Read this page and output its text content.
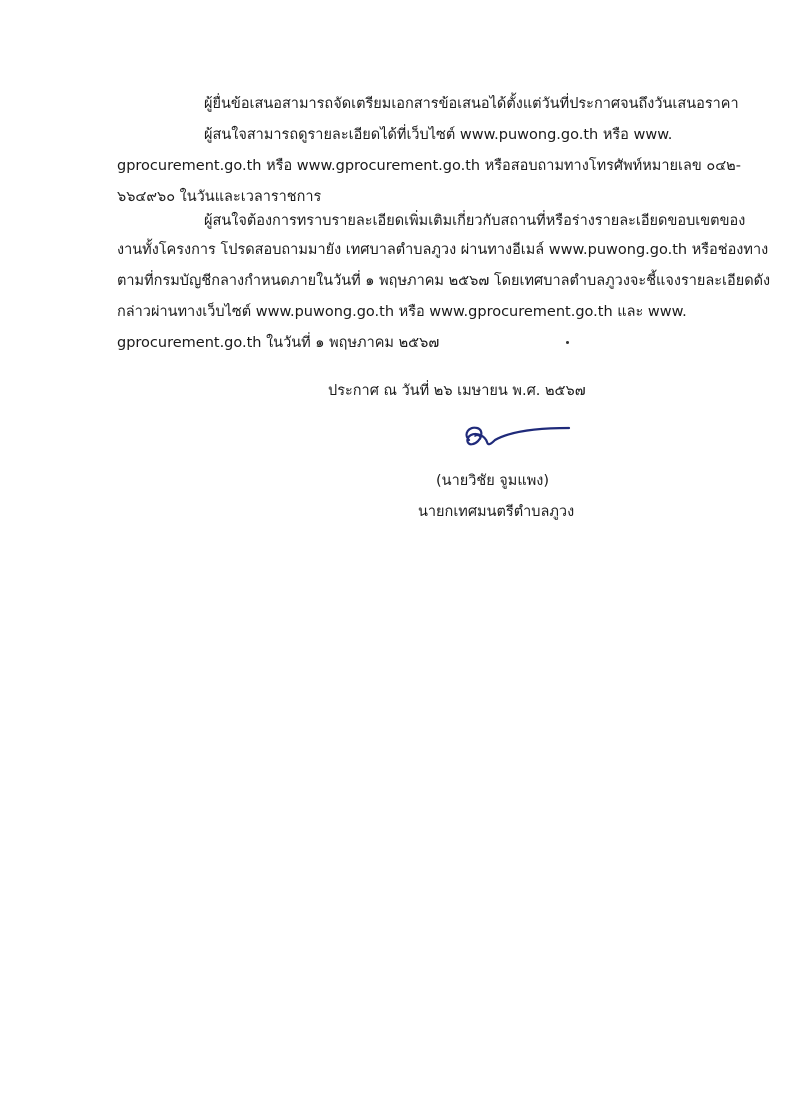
ผู้ยื่นข้อเสนอสามารถจัดเตรียมเอกสารข้อเสนอได้ตั้งแต่วันที่ประกาศจนถึงวันเสนอราคา
ผู้สนใจสามารถดูรายละเอียดได้ที่เว็บไซต์ www.puwong.go.th หรือ www.
gprocurement.go.th หรือ www.gprocurement.go.th หรือสอบถามทางโทรศัพท์หมายเลข ๐๔๒-
๖๖๔๙๖๐ ในวันและเวลาราชการ
ผู้สนใจต้องการทราบรายละเอียดเพิ่มเติมเกี่ยวกับสถานที่หรือร่างรายละเอียดขอบเขตของ
งานทั้งโครงการ โปรดสอบถามมายัง เทศบาลตำบลภูวง ผ่านทางอีเมล์ www.puwong.go.th หรือช่องทาง
ตามที่กรมบัญชีกลางกำหนดภายในวันที่ ๑ พฤษภาคม ๒๕๖๗ โดยเทศบาลตำบลภูวงจะชี้แจงรายละเอียดดัง
กล่าวผ่านทางเว็บไซต์ www.puwong.go.th หรือ www.gprocurement.go.th และ www.
gprocurement.go.th ในวันที่ ๑ พฤษภาคม ๒๕๖๗
ประกาศ ณ วันที่ ๒๖ เมษายน พ.ศ. ๒๕๖๗
(นายวิชัย จูมแพง)
นายกเทศมนตรีตำบลภูวง
